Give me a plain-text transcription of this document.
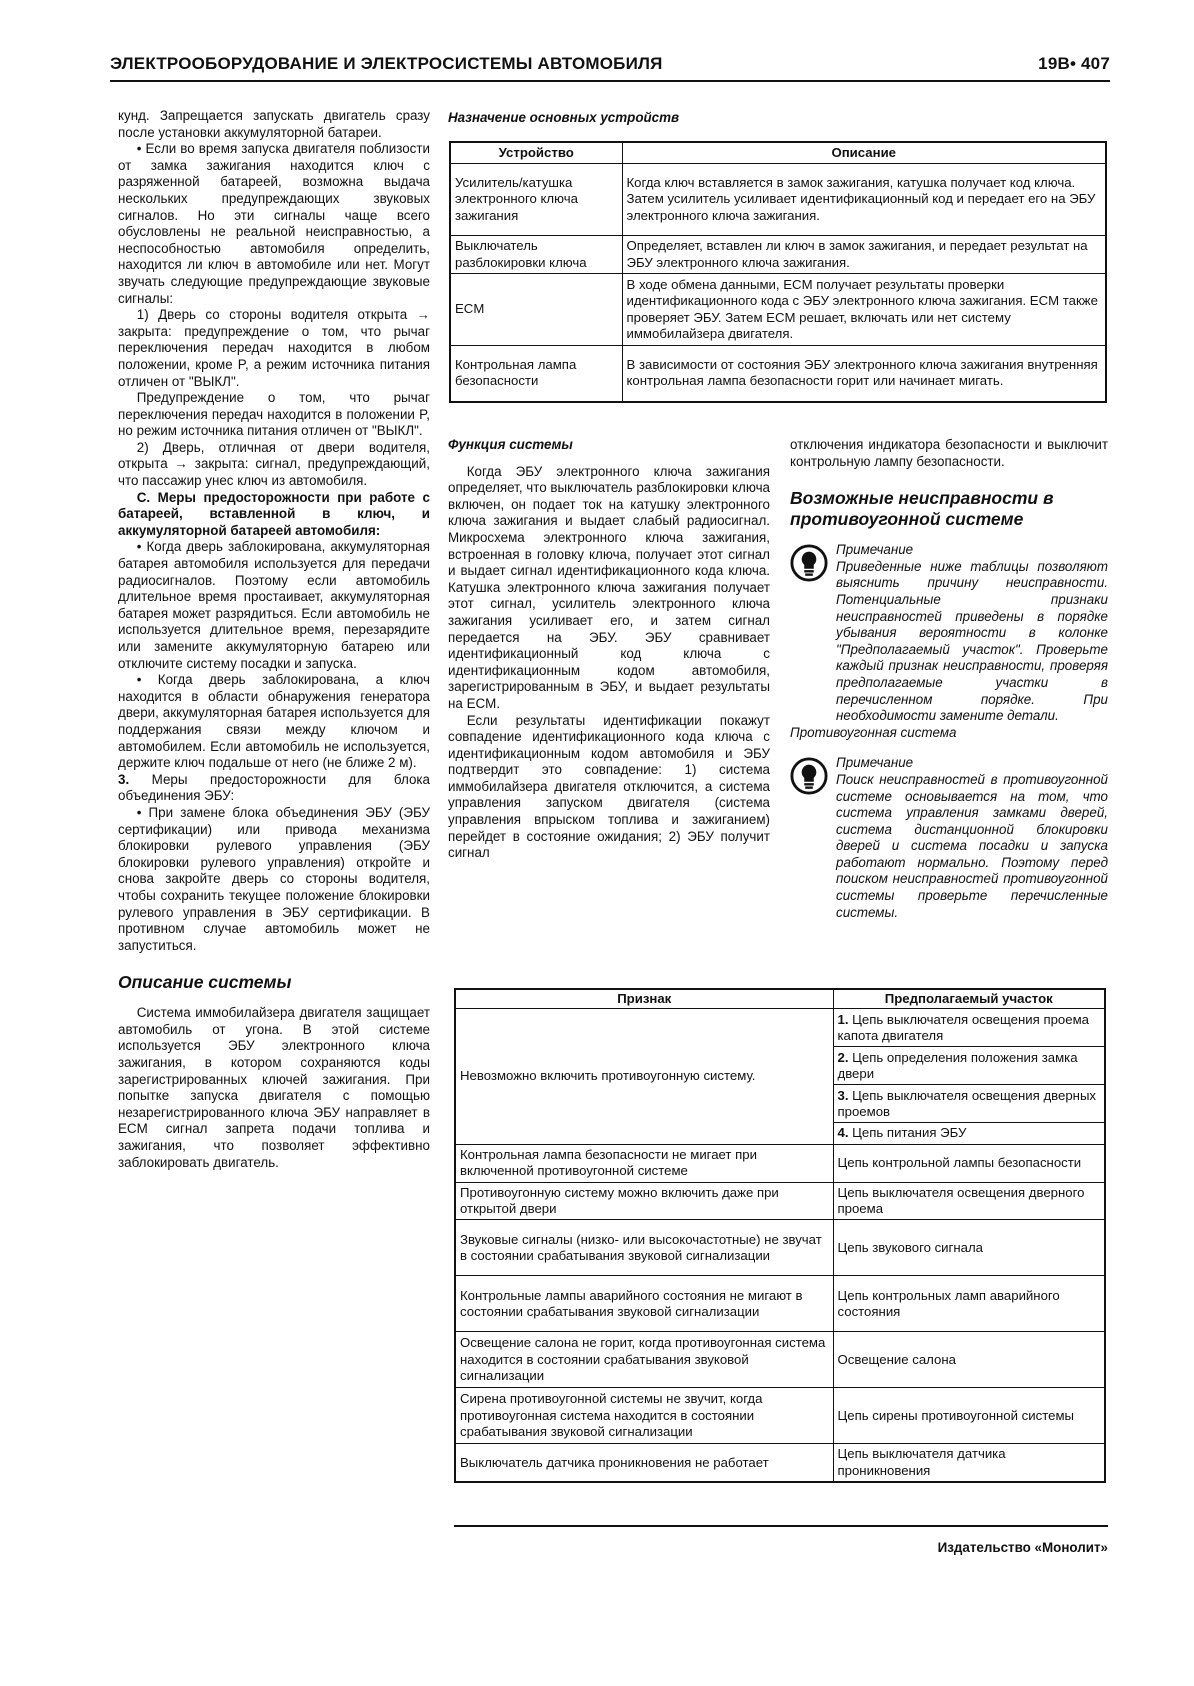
ЭЛЕКТРООБОРУДОВАНИЕ И ЭЛЕКТРОСИСТЕМЫ АВТОМОБИЛЯ	19В• 407

кунд. Запрещается запускать двигатель сразу после установки аккумуляторной батареи.

• Если во время запуска двигателя поблизости от замка зажигания находится ключ с разряженной батареей, возможна выдача нескольких предупреждающих звуковых сигналов. Но эти сигналы чаще всего обусловлены не реальной неисправностью, а неспособностью автомобиля определить, находится ли ключ в автомобиле или нет. Могут звучать следующие предупреждающие звуковые сигналы:

1) Дверь со стороны водителя открыта → закрыта: предупреждение о том, что рычаг переключения передач находится в любом положении, кроме P, а режим источника питания отличен от "ВЫКЛ".

Предупреждение о том, что рычаг переключения передач находится в положении P, но режим источника питания отличен от "ВЫКЛ".

2) Дверь, отличная от двери водителя, открыта → закрыта: сигнал, предупреждающий, что пассажир унес ключ из автомобиля.

C. Меры предосторожности при работе с батареей, вставленной в ключ, и аккумуляторной батареей автомобиля:

• Когда дверь заблокирована, аккумуляторная батарея автомобиля используется для передачи радиосигналов. Поэтому если автомобиль длительное время простаивает, аккумуляторная батарея может разрядиться. Если автомобиль не используется длительное время, перезарядите или замените аккумуляторную батарею или отключите систему посадки и запуска.

• Когда дверь заблокирована, а ключ находится в области обнаружения генератора двери, аккумуляторная батарея используется для поддержания связи между ключом и автомобилем. Если автомобиль не используется, держите ключ подальше от него (не ближе 2 м).

3. Меры предосторожности для блока объединения ЭБУ:

• При замене блока объединения ЭБУ (ЭБУ сертификации) или привода механизма блокировки рулевого управления (ЭБУ блокировки рулевого управления) откройте и снова закройте дверь со стороны водителя, чтобы сохранить текущее положение блокировки рулевого управления в ЭБУ сертификации. В противном случае автомобиль может не запуститься.

Описание системы

Система иммобилайзера двигателя защищает автомобиль от угона. В этой системе используется ЭБУ электронного ключа зажигания, в котором сохраняются коды зарегистрированных ключей зажигания. При попытке запуска двигателя с помощью незарегистрированного ключа ЭБУ направляет в ECM сигнал запрета подачи топлива и зажигания, что позволяет эффективно заблокировать двигатель.

Назначение основных устройств
Устройство	Описание
Усилитель/катушка электронного ключа зажигания	Когда ключ вставляется в замок зажигания, катушка получает код ключа. Затем усилитель усиливает идентификационный код и передает его на ЭБУ электронного ключа зажигания.
Выключатель разблокировки ключа	Определяет, вставлен ли ключ в замок зажигания, и передает результат на ЭБУ электронного ключа зажигания.
ECM	В ходе обмена данными, ECM получает результаты проверки идентификационного кода с ЭБУ электронного ключа зажигания. ECM также проверяет ЭБУ. Затем ECM решает, включать или нет систему иммобилайзера двигателя.
Контрольная лампа безопасности	В зависимости от состояния ЭБУ электронного ключа зажигания внутренняя контрольная лампа безопасности горит или начинает мигать.

Функция системы

Когда ЭБУ электронного ключа зажигания определяет, что выключатель разблокировки ключа включен, он подает ток на катушку электронного ключа зажигания и выдает слабый радиосигнал. Микросхема электронного ключа зажигания, встроенная в головку ключа, получает этот сигнал и выдает сигнал идентификационного кода ключа. Катушка электронного ключа зажигания получает этот сигнал, усилитель электронного ключа зажигания усиливает его, и затем сигнал передается на ЭБУ. ЭБУ сравнивает идентификационный код ключа с идентификационным кодом автомобиля, зарегистрированным в ЭБУ, и выдает результаты на ECM.

Если результаты идентификации покажут совпадение идентификационного кода ключа с идентификационным кодом автомобиля и ЭБУ подтвердит это совпадение: 1) система иммобилайзера двигателя отключится, а система управления запуском двигателя (система управления впрыском топлива и зажиганием) перейдет в состояние ожидания; 2) ЭБУ получит сигнал

отключения индикатора безопасности и выключит контрольную лампу безопасности.

Возможные неисправности в противоугонной системе
Примечание
Приведенные ниже таблицы позволяют выяснить причину неисправности. Потенциальные признаки неисправностей приведены в порядке убывания вероятности в колонке "Предполагаемый участок". Проверьте каждый признак неисправности, проверяя предполагаемые участки в перечисленном порядке. При необходимости замените детали.
Противоугонная система
Примечание
Поиск неисправностей в противоугонной системе основывается на том, что система управления замками дверей, система дистанционной блокировки дверей и система посадки и запуска работают нормально. Поэтому перед поиском неисправностей противоугонной системы проверьте перечисленные системы.
Признак	Предполагаемый участок
Невозможно включить противоугонную систему.	1. Цепь выключателя освещения проема капота двигателя
	2. Цепь определения положения замка двери
	3. Цепь выключателя освещения дверных проемов
	4. Цепь питания ЭБУ
Контрольная лампа безопасности не мигает при включенной противоугонной системе	Цепь контрольной лампы безопасности
Противоугонную систему можно включить даже при открытой двери	Цепь выключателя освещения дверного проема
Звуковые сигналы (низко- или высокочастотные) не звучат в состоянии срабатывания звуковой сигнализации	Цепь звукового сигнала
Контрольные лампы аварийного состояния не мигают в состоянии срабатывания звуковой сигнализации	Цепь контрольных ламп аварийного состояния
Освещение салона не горит, когда противоугонная система находится в состоянии срабатывания звуковой сигнализации	Освещение салона
Сирена противоугонной системы не звучит, когда противоугонная система находится в состоянии срабатывания звуковой сигнализации	Цепь сирены противоугонной системы
Выключатель датчика проникновения не работает	Цепь выключателя датчика проникновения
Издательство «Монолит»
